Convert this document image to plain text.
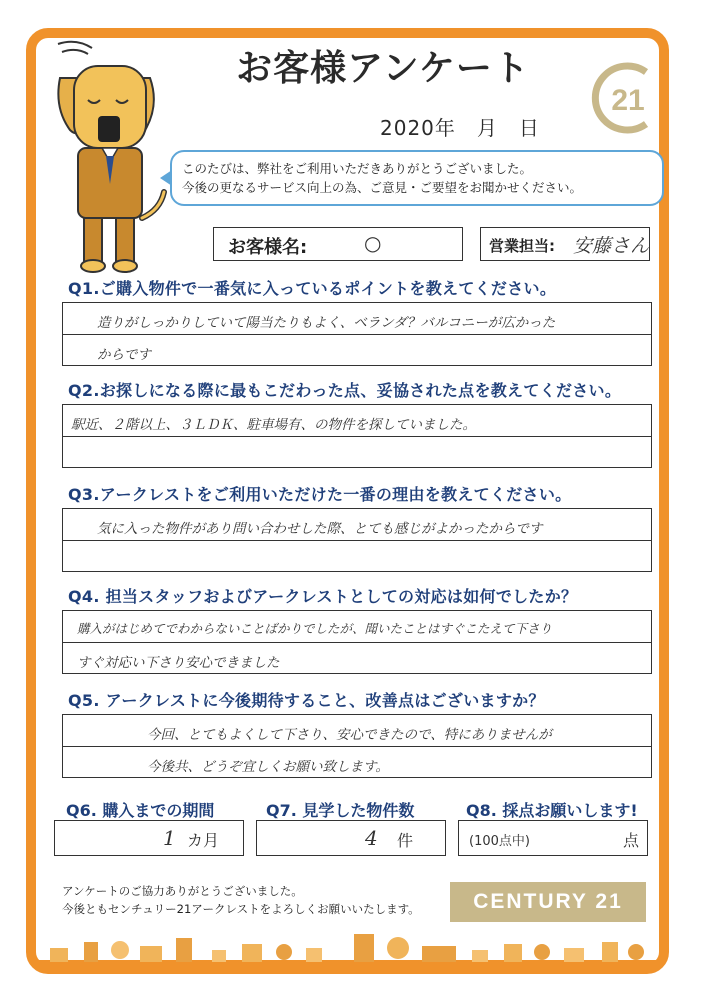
お客様アンケート
2020年　月　日
21
このたびは、弊社をご利用いただきありがとうございました。
今後の更なるサービス向上の為、ご意見・ご要望をお聞かせください。
お客様名:	○	営業担当: 安藤さん
Q1.ご購入物件で一番気に入っているポイントを教えてください。
造りがしっかりしていて陽当たりもよく、ベランダ？バルコニーが広かった
からです
Q2.お探しになる際に最もこだわった点、妥協された点を教えてください。
駅近、２階以上、３ＬＤＫ、駐車場有、の物件を探していました。
Q3.アークレストをご利用いただけた一番の理由を教えてください。
気に入った物件があり問い合わせした際、とても感じがよかったからです
Q4. 担当スタッフおよびアークレストとしての対応は如何でしたか？
購入がはじめてでわからないことばかりでしたが、聞いたことはすぐこたえて下さり
すぐ対応い下さり安心できました
Q5. アークレストに今後期待すること、改善点はございますか？
今回、とてもよくして下さり、安心できたので、特にありませんが
今後共、どうぞ宜しくお願い致します。
Q6. 購入までの期間	Q7. 見学した物件数	Q8. 採点お願いします!
1 カ月	4 件	(100点中)	点
アンケートのご協力ありがとうございました。
今後ともセンチュリー21アークレストをよろしくお願いいたします。	CENTURY 21
